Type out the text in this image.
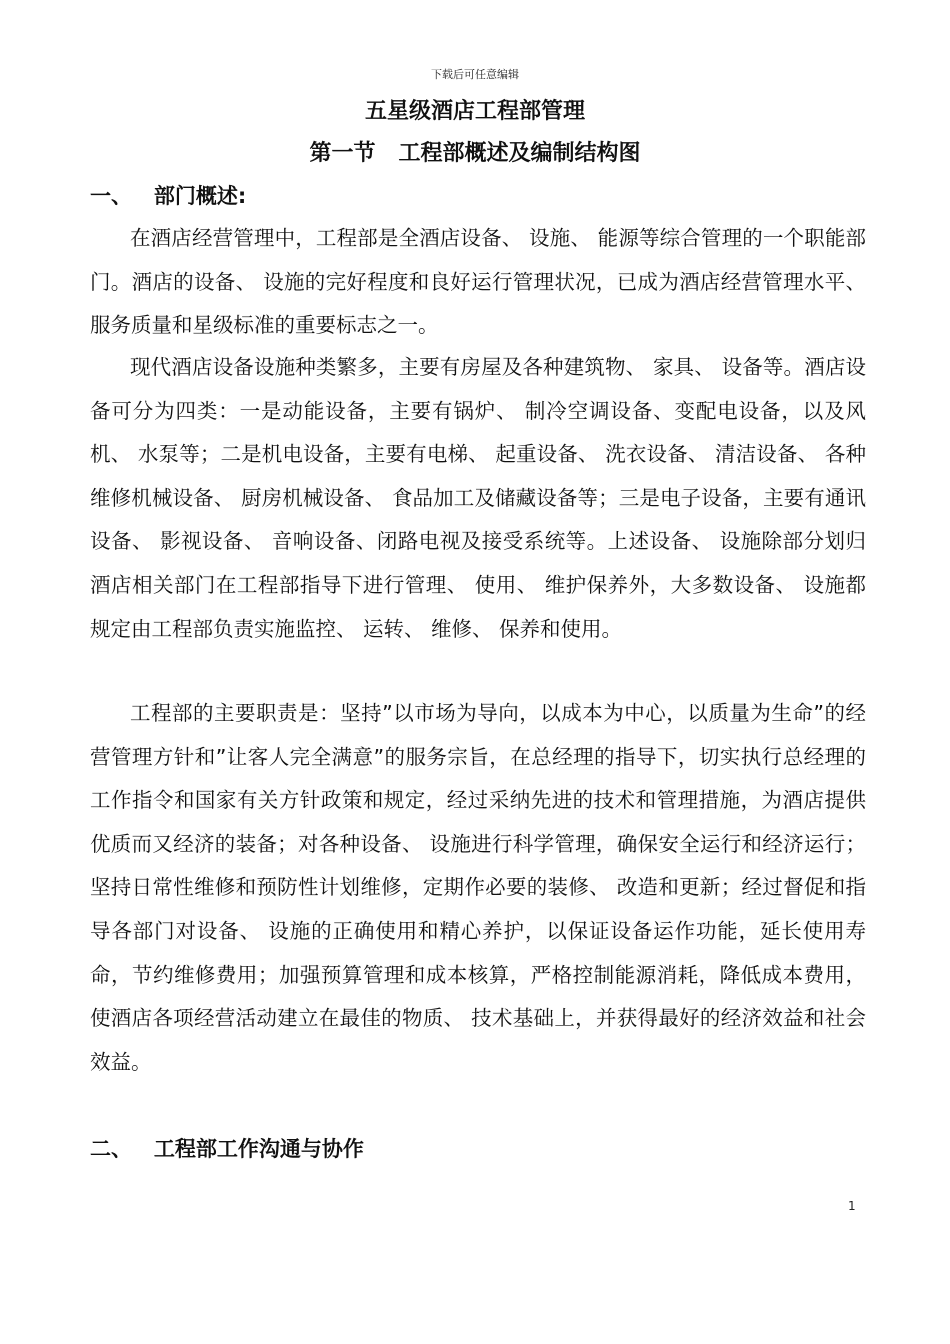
下载后可任意编辑
五星级酒店工程部管理
第一节   工程部概述及编制结构图
一、   部门概述:

在酒店经营管理中，工程部是全酒店设备、 设施、 能源等综合管理的一个职能部门。酒店的设备、 设施的完好程度和良好运行管理状况，已成为酒店经营管理水平、 服务质量和星级标准的重要标志之一。

现代酒店设备设施种类繁多，主要有房屋及各种建筑物、 家具、 设备等。酒店设备可分为四类：一是动能设备，主要有锅炉、 制冷空调设备、变配电设备，以及风机、 水泵等；二是机电设备，主要有电梯、 起重设备、 洗衣设备、 清洁设备、 各种维修机械设备、 厨房机械设备、 食品加工及储藏设备等；三是电子设备，主要有通讯设备、 影视设备、 音响设备、闭路电视及接受系统等。上述设备、 设施除部分划归酒店相关部门在工程部指导下进行管理、 使用、 维护保养外，大多数设备、 设施都规定由工程部负责实施监控、 运转、 维修、 保养和使用。

工程部的主要职责是：坚持”以市场为导向，以成本为中心，以质量为生命”的经营管理方针和”让客人完全满意”的服务宗旨，在总经理的指导下，切实执行总经理的工作指令和国家有关方针政策和规定，经过采纳先进的技术和管理措施，为酒店提供优质而又经济的装备；对各种设备、 设施进行科学管理，确保安全运行和经济运行；坚持日常性维修和预防性计划维修，定期作必要的装修、 改造和更新；经过督促和指导各部门对设备、 设施的正确使用和精心养护，以保证设备运作功能，延长使用寿命，节约维修费用；加强预算管理和成本核算，严格控制能源消耗，降低成本费用，使酒店各项经营活动建立在最佳的物质、 技术基础上，并获得最好的经济效益和社会效益。

二、   工程部工作沟通与协作
1
